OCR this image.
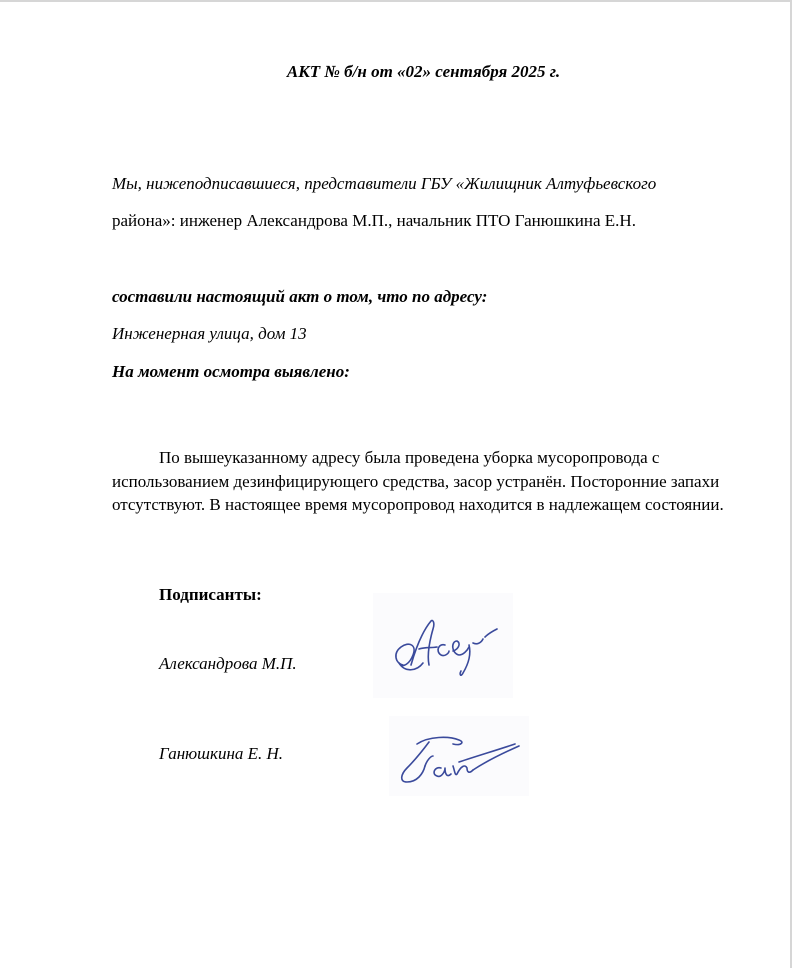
АКТ № б/н от «02» сентября 2025 г.
Мы, нижеподписавшиеся, представители ГБУ «Жилищник Алтуфьевского
района»: инженер Александрова М.П., начальник ПТО Ганюшкина Е.Н.
составили настоящий акт о том, что по адресу:
Инженерная улица, дом 13
На момент осмотра выявлено:
По вышеуказанному адресу была проведена уборка мусоропровода с использованием дезинфицирующего средства, засор устранён. Посторонние запахи отсутствуют. В настоящее время мусоропровод находится в надлежащем состоянии.
Подписанты:
Александрова М.П.
Ганюшкина Е. Н.
